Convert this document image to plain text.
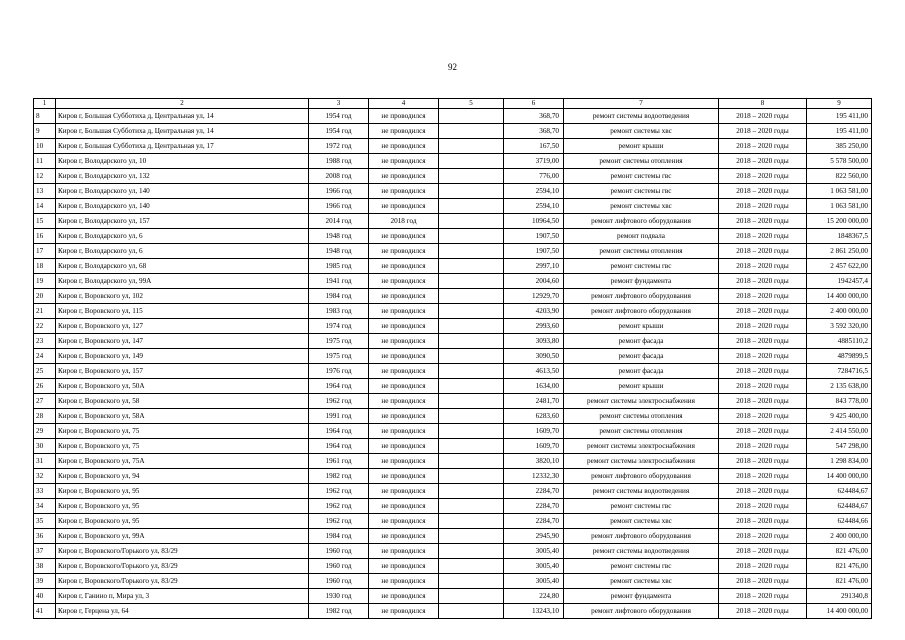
92
1	2	3	4	5	6	7	8	9
8	Киров г, Большая Субботиха д, Центральная ул, 14	1954 год	не проводился		368,70	ремонт системы водоотведения	2018 – 2020 годы	195 411,00
9	Киров г, Большая Субботиха д, Центральная ул, 14	1954 год	не проводился		368,70	ремонт системы хвс	2018 – 2020 годы	195 411,00
10	Киров г, Большая Субботиха д, Центральная ул, 17	1972 год	не проводился		167,50	ремонт крыши	2018 – 2020 годы	385 250,00
11	Киров г, Володарского ул, 10	1988 год	не проводился		3719,00	ремонт системы отопления	2018 – 2020 годы	5 578 500,00
12	Киров г, Володарского ул, 132	2008 год	не проводился		776,00	ремонт системы гвс	2018 – 2020 годы	822 560,00
13	Киров г, Володарского ул, 140	1966 год	не проводился		2594,10	ремонт системы гвс	2018 – 2020 годы	1 063 581,00
14	Киров г, Володарского ул, 140	1966 год	не проводился		2594,10	ремонт системы хвс	2018 – 2020 годы	1 063 581,00
15	Киров г, Володарского ул, 157	2014 год	2018 год		10964,50	ремонт лифтового оборудования	2018 – 2020 годы	15 200 000,00
16	Киров г, Володарского ул, 6	1948 год	не проводился		1907,50	ремонт подвала	2018 – 2020 годы	1848367,5
17	Киров г, Володарского ул, 6	1948 год	не проводился		1907,50	ремонт системы отопления	2018 – 2020 годы	2 861 250,00
18	Киров г, Володарского ул, 68	1985 год	не проводился		2997,10	ремонт системы гвс	2018 – 2020 годы	2 457 622,00
19	Киров г, Володарского ул, 99А	1941 год	не проводился		2004,60	ремонт фундамента	2018 – 2020 годы	1942457,4
20	Киров г, Воровского ул, 102	1984 год	не проводился		12929,70	ремонт лифтового оборудования	2018 – 2020 годы	14 400 000,00
21	Киров г, Воровского ул, 115	1983 год	не проводился		4203,90	ремонт лифтового оборудования	2018 – 2020 годы	2 400 000,00
22	Киров г, Воровского ул, 127	1974 год	не проводился		2993,60	ремонт крыши	2018 – 2020 годы	3 592 320,00
23	Киров г, Воровского ул, 147	1975 год	не проводился		3093,80	ремонт фасада	2018 – 2020 годы	4885110,2
24	Киров г, Воровского ул, 149	1975 год	не проводился		3090,50	ремонт фасада	2018 – 2020 годы	4879899,5
25	Киров г, Воровского ул, 157	1976 год	не проводился		4613,50	ремонт фасада	2018 – 2020 годы	7284716,5
26	Киров г, Воровского ул, 50А	1964 год	не проводился		1634,00	ремонт крыши	2018 – 2020 годы	2 135 638,00
27	Киров г, Воровского ул, 58	1962 год	не проводился		2481,70	ремонт системы электроснабжения	2018 – 2020 годы	843 778,00
28	Киров г, Воровского ул, 58А	1991 год	не проводился		6283,60	ремонт системы отопления	2018 – 2020 годы	9 425 400,00
29	Киров г, Воровского ул, 75	1964 год	не проводился		1609,70	ремонт системы отопления	2018 – 2020 годы	2 414 550,00
30	Киров г, Воровского ул, 75	1964 год	не проводился		1609,70	ремонт системы электроснабжения	2018 – 2020 годы	547 298,00
31	Киров г, Воровского ул, 75А	1961 год	не проводился		3820,10	ремонт системы электроснабжения	2018 – 2020 годы	1 298 834,00
32	Киров г, Воровского ул, 94	1982 год	не проводился		12332,30	ремонт лифтового оборудования	2018 – 2020 годы	14 400 000,00
33	Киров г, Воровского ул, 95	1962 год	не проводился		2284,70	ремонт системы водоотведения	2018 – 2020 годы	624484,67
34	Киров г, Воровского ул, 95	1962 год	не проводился		2284,70	ремонт системы гвс	2018 – 2020 годы	624484,67
35	Киров г, Воровского ул, 95	1962 год	не проводился		2284,70	ремонт системы хвс	2018 – 2020 годы	624484,66
36	Киров г, Воровского ул, 99А	1984 год	не проводился		2945,90	ремонт лифтового оборудования	2018 – 2020 годы	2 400 000,00
37	Киров г, Воровского/Горького ул, 83/29	1960 год	не проводился		3005,40	ремонт системы водоотведения	2018 – 2020 годы	821 476,00
38	Киров г, Воровского/Горького ул, 83/29	1960 год	не проводился		3005,40	ремонт системы гвс	2018 – 2020 годы	821 476,00
39	Киров г, Воровского/Горького ул, 83/29	1960 год	не проводился		3005,40	ремонт системы хвс	2018 – 2020 годы	821 476,00
40	Киров г, Ганино п, Мира ул, 3	1930 год	не проводился		224,80	ремонт фундамента	2018 – 2020 годы	291340,8
41	Киров г, Герцена ул, 64	1982 год	не проводился		13243,10	ремонт лифтового оборудования	2018 – 2020 годы	14 400 000,00
